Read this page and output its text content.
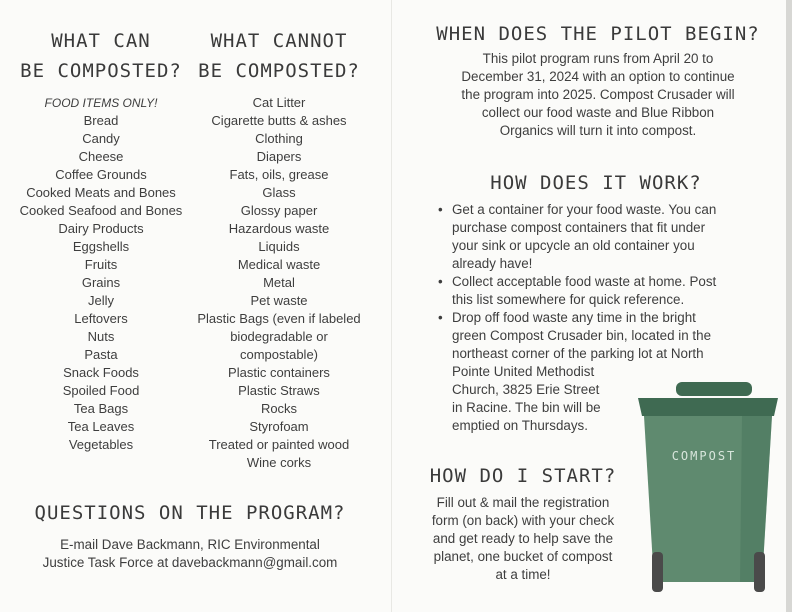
WHAT CAN
BE COMPOSTED?
FOOD ITEMS ONLY!
Bread
Candy
Cheese
Coffee Grounds
Cooked Meats and Bones
Cooked Seafood and Bones
Dairy Products
Eggshells
Fruits
Grains
Jelly
Leftovers
Nuts
Pasta
Snack Foods
Spoiled Food
Tea Bags
Tea Leaves
Vegetables
WHAT CANNOT
BE COMPOSTED?
Cat Litter
Cigarette butts & ashes
Clothing
Diapers
Fats, oils, grease
Glass
Glossy paper
Hazardous waste
Liquids
Medical waste
Metal
Pet waste
Plastic Bags (even if labeled
biodegradable or
compostable)
Plastic containers
Plastic Straws
Rocks
Styrofoam
Treated or painted wood
Wine corks
QUESTIONS ON THE PROGRAM?

E-mail Dave Backmann, RIC Environmental

Justice Task Force at davebackmann@gmail.com

WHEN DOES THE PILOT BEGIN?

This pilot program runs from April 20 to

December 31, 2024 with an option to continue

the program into 2025. Compost Crusader will

collect our food waste and Blue Ribbon

Organics will turn it into compost.

HOW DOES IT WORK?
• Get a container for your food waste. You can
purchase compost containers that fit under
your sink or upcycle an old container you
already have!
• Collect acceptable food waste at home. Post
this list somewhere for quick reference.
• Drop off food waste any time in the bright
green Compost Crusader bin, located in the
northeast corner of the parking lot at North
Pointe United Methodist
Church, 3825 Erie Street
in Racine. The bin will be
emptied on Thursdays.
HOW DO I START?

Fill out & mail the registration

form (on back) with your check

and get ready to help save the

planet, one bucket of compost

at a time!

COMPOST
